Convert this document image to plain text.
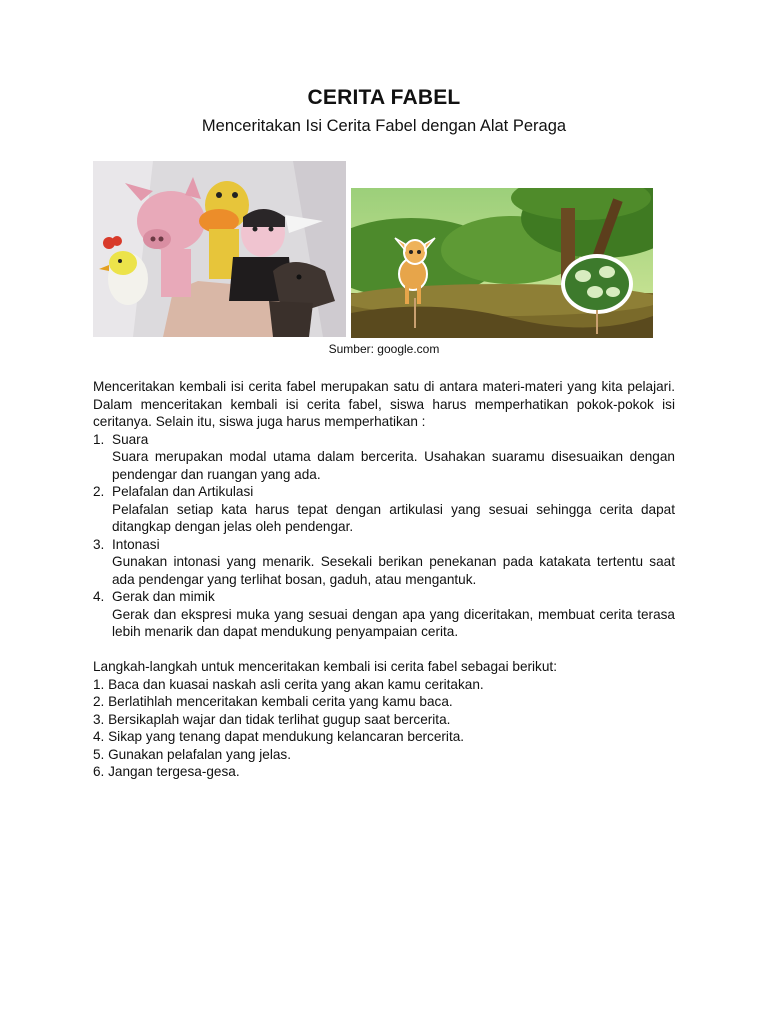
CERITA FABEL
Menceritakan Isi Cerita Fabel dengan Alat Peraga
Sumber: google.com

Menceritakan kembali isi cerita fabel merupakan satu di antara materi-materi yang kita pelajari. Dalam menceritakan kembali isi cerita fabel, siswa harus memperhatikan pokok-pokok isi ceritanya. Selain itu, siswa juga harus memperhatikan :

1. Suara

Suara merupakan modal utama dalam bercerita. Usahakan suaramu disesuaikan dengan pendengar dan ruangan yang ada.

2. Pelafalan dan Artikulasi

Pelafalan setiap kata harus tepat dengan artikulasi yang sesuai sehingga cerita dapat ditangkap dengan jelas oleh pendengar.

3. Intonasi

Gunakan intonasi yang menarik. Sesekali berikan penekanan pada katakata tertentu saat ada pendengar yang terlihat bosan, gaduh, atau mengantuk.

4. Gerak dan mimik

Gerak dan ekspresi muka yang sesuai dengan apa yang diceritakan, membuat cerita terasa lebih menarik dan dapat mendukung penyampaian cerita.

Langkah-langkah untuk menceritakan kembali isi cerita fabel sebagai berikut:

1. Baca dan kuasai naskah asli cerita yang akan kamu ceritakan.

2. Berlatihlah menceritakan kembali cerita yang kamu baca.

3. Bersikaplah wajar dan tidak terlihat gugup saat bercerita.

4. Sikap yang tenang dapat mendukung kelancaran bercerita.

5. Gunakan pelafalan yang jelas.

6. Jangan tergesa-gesa.
